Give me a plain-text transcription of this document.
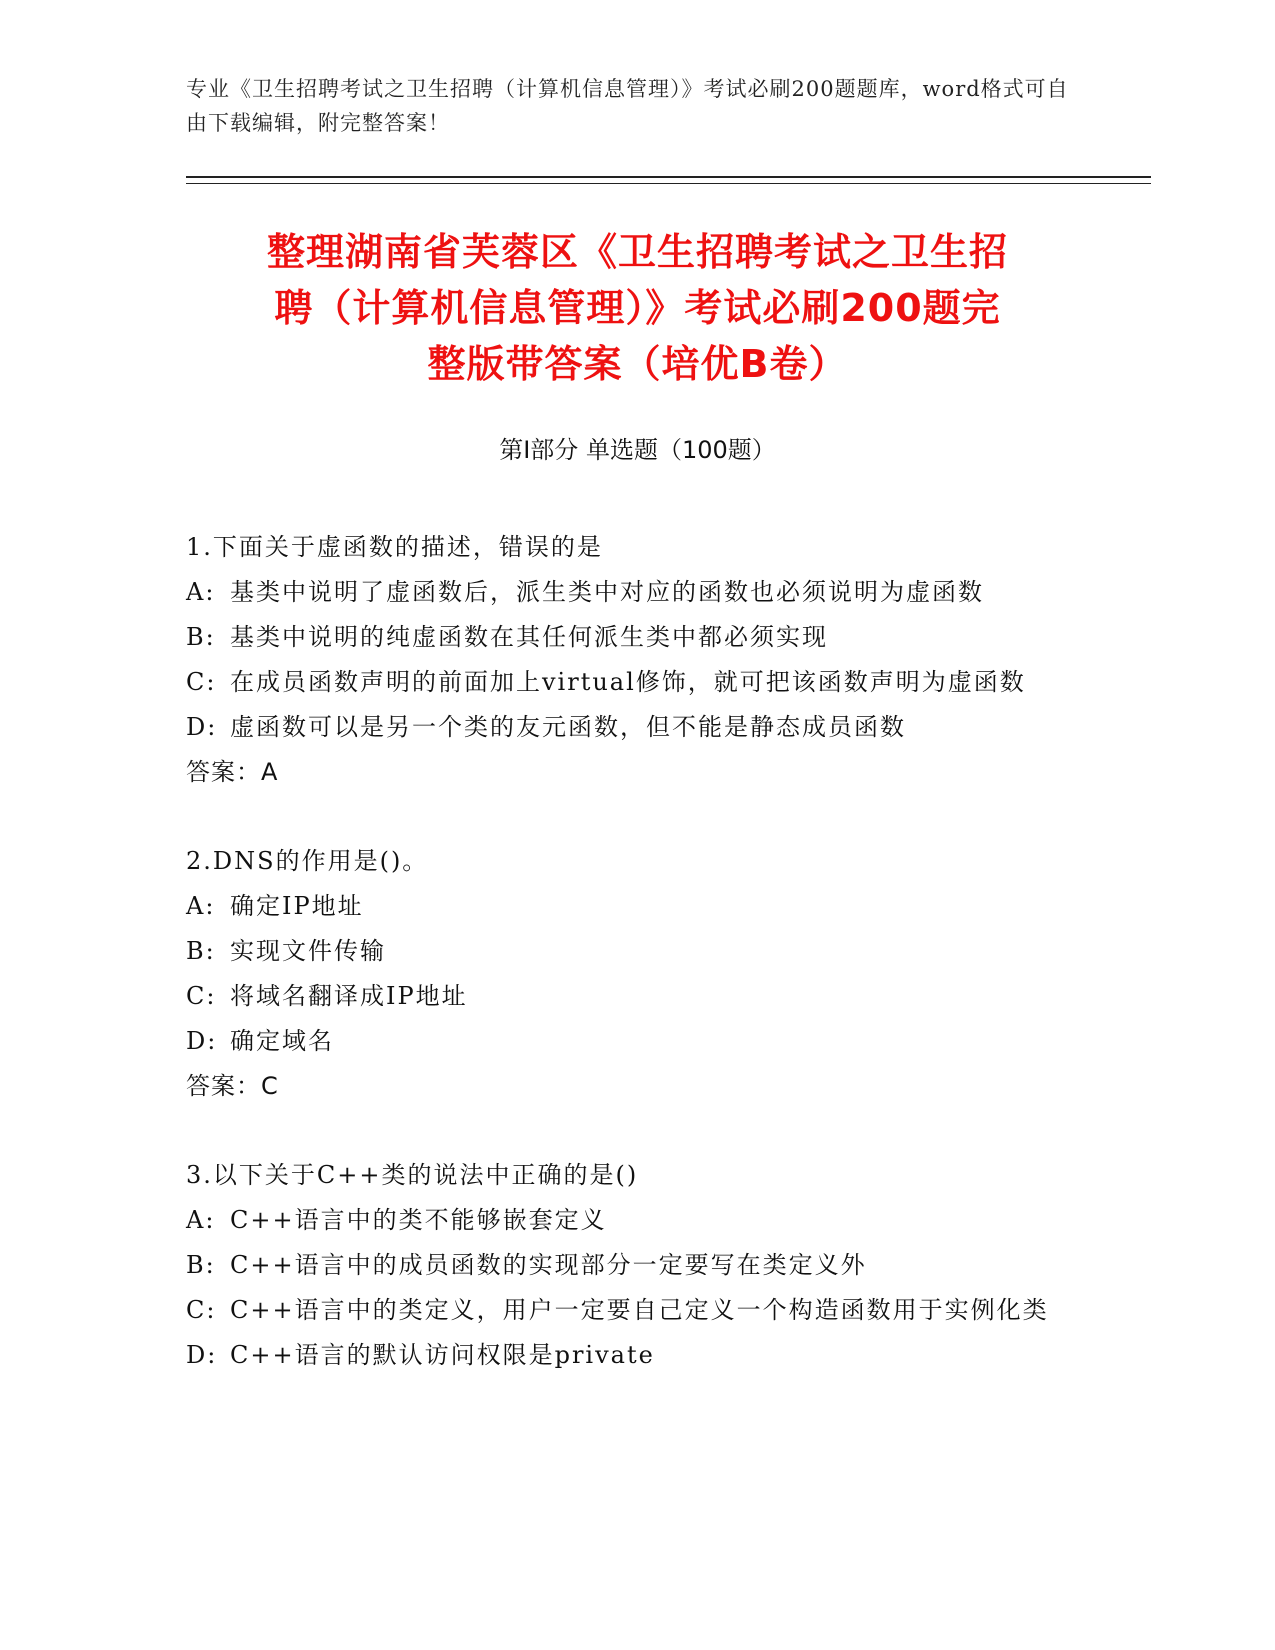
专业《卫生招聘考试之卫生招聘（计算机信息管理）》考试必刷200题题库，word格式可自由下载编辑，附完整答案！
整理湖南省芙蓉区《卫生招聘考试之卫生招
聘（计算机信息管理）》考试必刷200题完
整版带答案（培优B卷）
第Ⅰ部分 单选题（100题）

1.下面关于虚函数的描述，错误的是

A: 基类中说明了虚函数后，派生类中对应的函数也必须说明为虚函数

B: 基类中说明的纯虚函数在其任何派生类中都必须实现

C: 在成员函数声明的前面加上virtual修饰，就可把该函数声明为虚函数

D: 虚函数可以是另一个类的友元函数，但不能是静态成员函数

答案：A

2.DNS的作用是()。

A: 确定IP地址

B: 实现文件传输

C: 将域名翻译成IP地址

D: 确定域名

答案：C

3.以下关于C++类的说法中正确的是()

A: C++语言中的类不能够嵌套定义

B: C++语言中的成员函数的实现部分一定要写在类定义外

C: C++语言中的类定义，用户一定要自己定义一个构造函数用于实例化类

D: C++语言的默认访问权限是private
